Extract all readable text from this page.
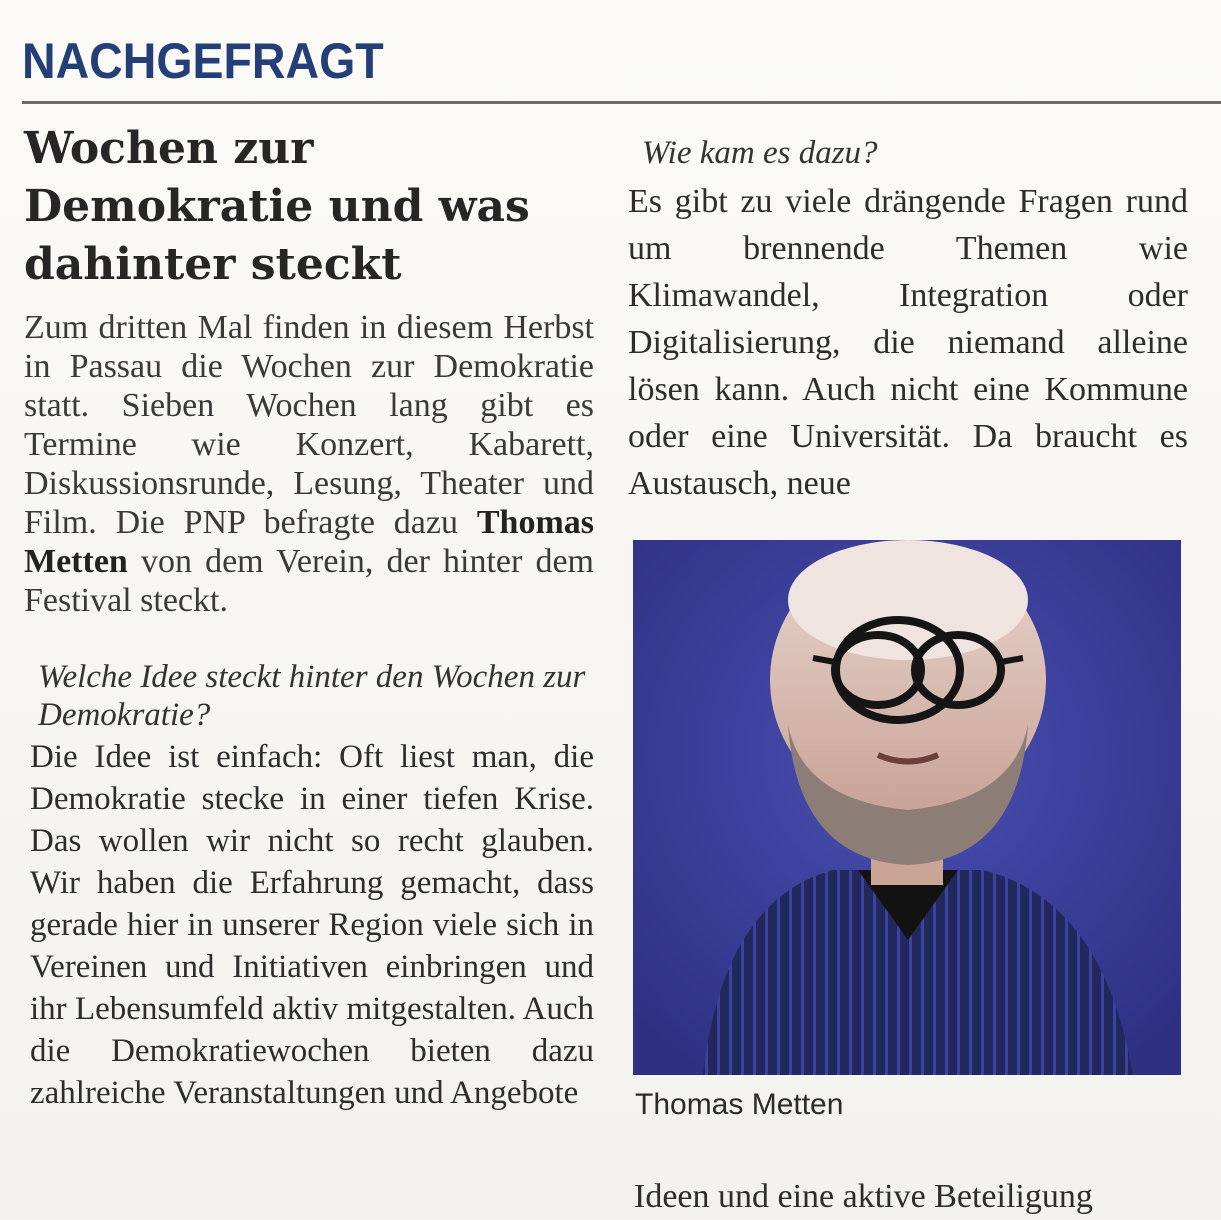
NACHGEFRAGT
Wochen zur Demokratie und was dahinter steckt

Zum dritten Mal finden in diesem Herbst in Passau die Wochen zur Demokratie statt. Sieben Wochen lang gibt es Termine wie Konzert, Kabarett, Diskussionsrunde, Lesung, Theater und Film. Die PNP befragte dazu Thomas Metten von dem Verein, der hinter dem Festival steckt.

Welche Idee steckt hinter den Wochen zur Demokratie?

Die Idee ist einfach: Oft liest man, die Demokratie stecke in einer tiefen Krise. Das wollen wir nicht so recht glauben. Wir haben die Erfahrung gemacht, dass gerade hier in unserer Region viele sich in Vereinen und Initiativen einbringen und ihr Lebensumfeld aktiv mitgestalten. Auch die Demokratiewochen bieten dazu zahlreiche Veranstaltungen und Angebote

Wie kam es dazu?

Es gibt zu viele drängende Fragen rund um brennende Themen wie Klimawandel, Integration oder Digitalisierung, die niemand alleine lösen kann. Auch nicht eine Kommune oder eine Universität. Da braucht es Austausch, neue

Thomas Metten
Ideen und eine aktive Beteiligung
